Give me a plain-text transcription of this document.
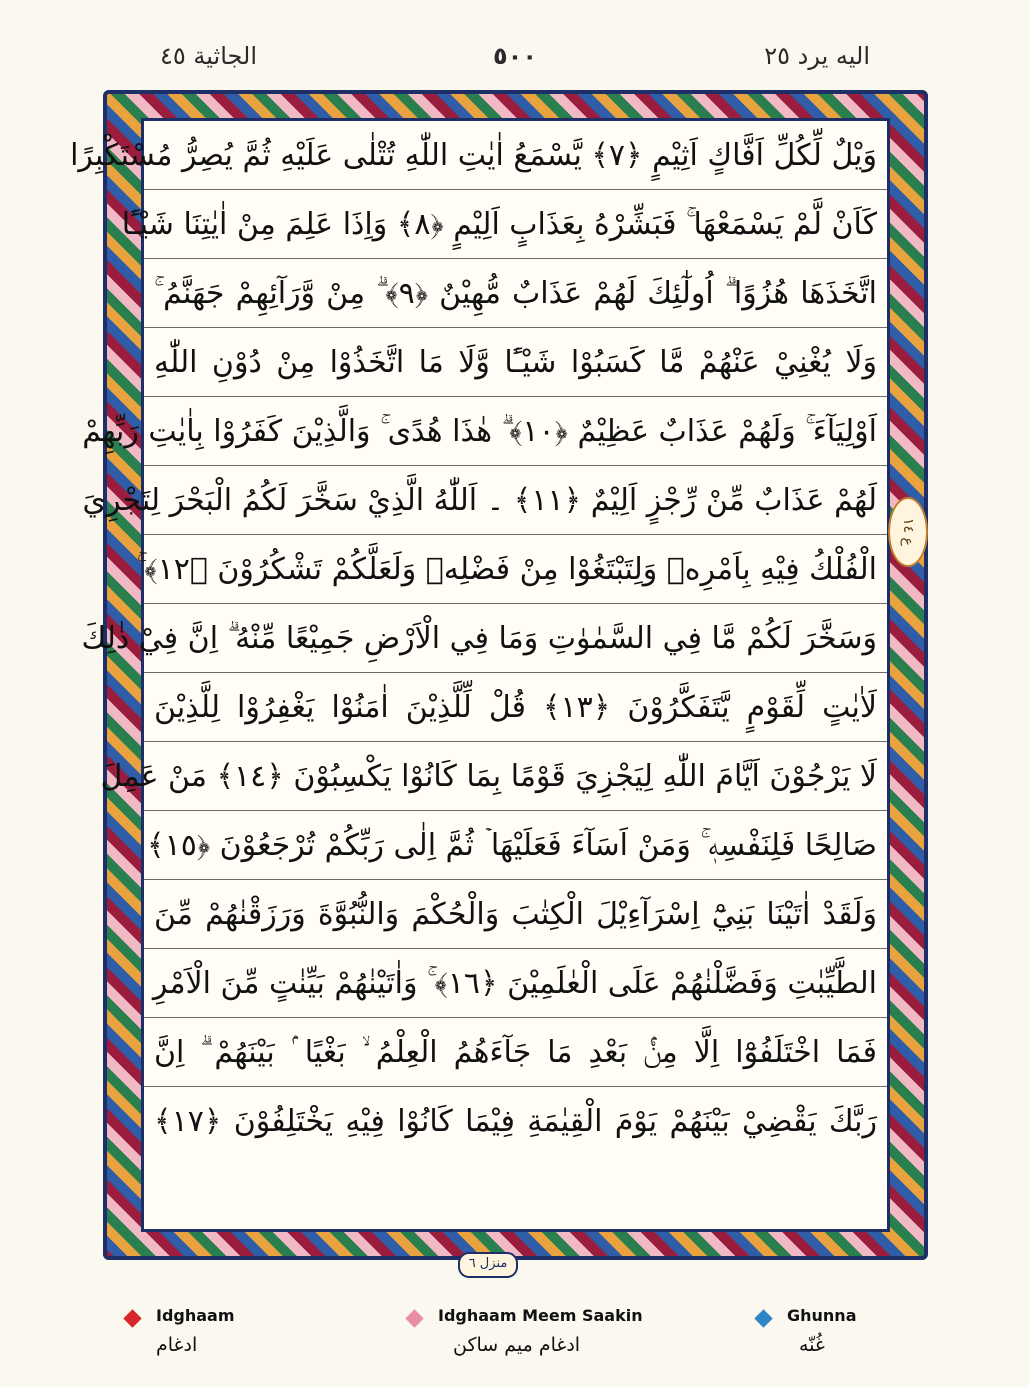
الجاثية ٤٥	٥٠٠	اليه يرد ٢٥
وَيْلٌ لِّكُلِّ اَفَّاكٍ اَثِيْمٍ ﴿٧﴾ يَّسْمَعُ اٰيٰتِ اللّٰهِ تُتْلٰى عَلَيْهِ ثُمَّ يُصِرُّ مُسْتَكْبِرًا
كَاَنْ لَّمْ يَسْمَعْهَا ۚ فَبَشِّرْهُ بِعَذَابٍ اَلِيْمٍ ﴿٨﴾ وَاِذَا عَلِمَ مِنْ اٰيٰتِنَا شَيْـًٔا
اتَّخَذَهَا هُزُوًا ۗ اُولٰٓئِكَ لَهُمْ عَذَابٌ مُّهِيْنٌ ﴿٩﴾ ۗ مِنْ وَّرَآئِهِمْ جَهَنَّمُ ۚ
وَلَا يُغْنِيْ عَنْهُمْ مَّا كَسَبُوْا شَيْـًٔا وَّلَا مَا اتَّخَذُوْا مِنْ دُوْنِ اللّٰهِ
اَوْلِيَآءَ ۚ وَلَهُمْ عَذَابٌ عَظِيْمٌ ﴿١٠﴾ ۗ هٰذَا هُدًى ۚ وَالَّذِيْنَ كَفَرُوْا بِاٰيٰتِ رَبِّهِمْ
لَهُمْ عَذَابٌ مِّنْ رِّجْزٍ اَلِيْمٌ ﴿١١﴾ ۔ اَللّٰهُ الَّذِيْ سَخَّرَ لَكُمُ الْبَحْرَ لِتَجْرِيَ
الْفُلْكُ فِيْهِ بِاَمْرِهٖ وَلِتَبْتَغُوْا مِنْ فَضْلِهٖ وَلَعَلَّكُمْ تَشْكُرُوْنَ ﴿١٢﴾ ۚ
وَسَخَّرَ لَكُمْ مَّا فِي السَّمٰوٰتِ وَمَا فِي الْاَرْضِ جَمِيْعًا مِّنْهُ ۗ اِنَّ فِيْ ذٰلِكَ
لَاٰيٰتٍ لِّقَوْمٍ يَّتَفَكَّرُوْنَ ﴿١٣﴾ قُلْ لِّلَّذِيْنَ اٰمَنُوْا يَغْفِرُوْا لِلَّذِيْنَ
لَا يَرْجُوْنَ اَيَّامَ اللّٰهِ لِيَجْزِيَ قَوْمًا بِمَا كَانُوْا يَكْسِبُوْنَ ﴿١٤﴾ مَنْ عَمِلَ
صَالِحًا فَلِنَفْسِهٖ ۚ وَمَنْ اَسَآءَ فَعَلَيْهَا ۡ ثُمَّ اِلٰى رَبِّكُمْ تُرْجَعُوْنَ ﴿١٥﴾
وَلَقَدْ اٰتَيْنَا بَنِيْٓ اِسْرَآءِيْلَ الْكِتٰبَ وَالْحُكْمَ وَالنُّبُوَّةَ وَرَزَقْنٰهُمْ مِّنَ
الطَّيِّبٰتِ وَفَضَّلْنٰهُمْ عَلَى الْعٰلَمِيْنَ ﴿١٦﴾ ۚ وَاٰتَيْنٰهُمْ بَيِّنٰتٍ مِّنَ الْاَمْرِ
فَمَا اخْتَلَفُوْٓا اِلَّا مِنْۢ بَعْدِ مَا جَآءَهُمُ الْعِلْمُ ۙ بَغْيًا ۢ بَيْنَهُمْ ۗ اِنَّ
رَبَّكَ يَقْضِيْ بَيْنَهُمْ يَوْمَ الْقِيٰمَةِ فِيْمَا كَانُوْا فِيْهِ يَخْتَلِفُوْنَ ﴿١٧﴾
ع ١٤
منزل ٦
Idghaam
ادغام
Idghaam Meem Saakin
ادغام میم ساکن
Ghunna
غُنّه
